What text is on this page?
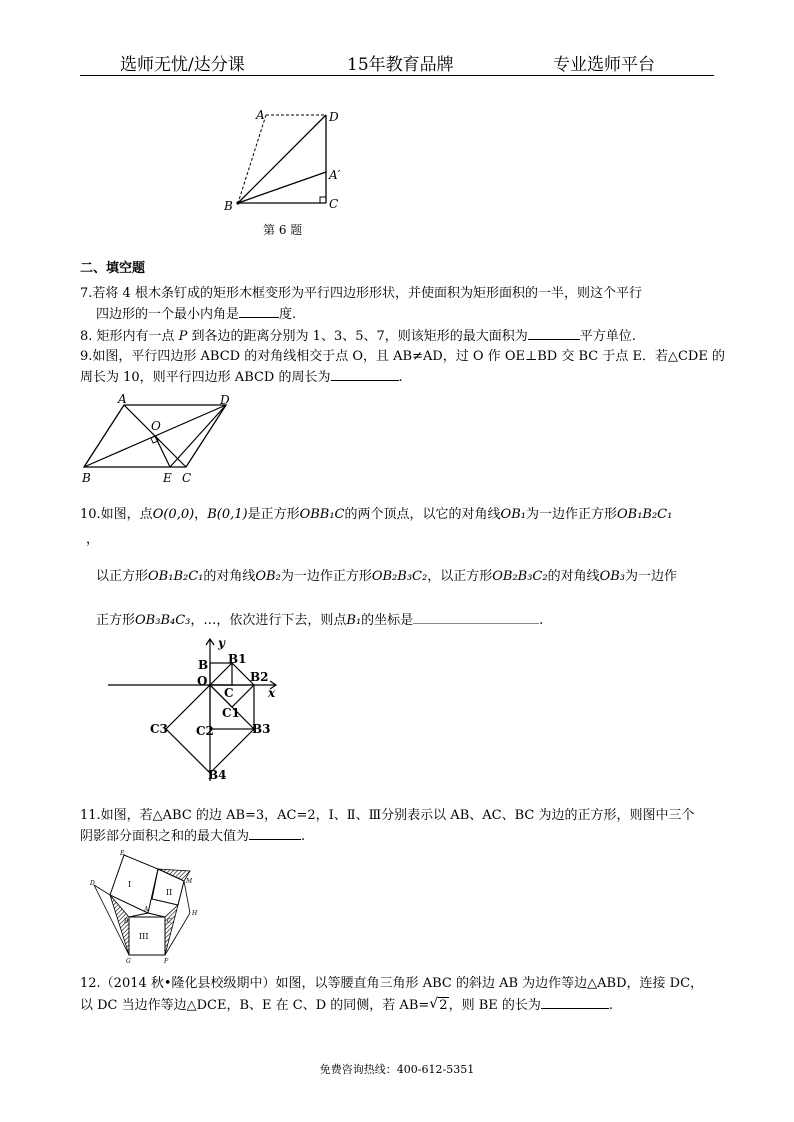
选师无忧/达分课	15年教育品牌	专业选师平台
A	D
A′
B	C
第 6 题
二、填空题
7.若将 4 根木条钉成的矩形木框变形为平行四边形形状，并使面积为矩形面积的一半，则这个平行
四边形的一个最小内角是	度.
8. 矩形内有一点 P 到各边的距离分别为 1、3、5、7，则该矩形的最大面积为	平方单位.
9.如图，平行四边形 ABCD 的对角线相交于点 O，且 AB≠AD，过 O 作 OE⊥BD 交 BC 于点 E．若△CDE 的
周长为 10，则平行四边形 ABCD 的周长为	.
A	D
O
B	E C
10.如图，点O(0,0)，B(0,1)是正方形OBB₁C的两个顶点，以它的对角线OB₁为一边作正方形OB₁B₂C₁
，
以正方形OB₁B₂C₁的对角线OB₂为一边作正方形OB₂B₃C₂，以正方形OB₂B₃C₂的对角线OB₃为一边作
正方形OB₃B₄C₃，…，依次进行下去，则点B₁的坐标是	.
y
x
B B1
B2
O
C
C1
C2
C3	B3
B4
11.如图，若△ABC 的边 AB=3，AC=2，Ⅰ、Ⅱ、Ⅲ分别表示以 AB、AC、BC 为边的正方形，则图中三个
阴影部分面积之和的最大值为	.
E
D	M
H
A
B	C
G	F
I
II
III
12.（2014 秋•隆化县校级期中）如图，以等腰直角三角形 ABC 的斜边 AB 为边作等边△ABD，连接 DC，
以 DC 当边作等边△DCE，B、E 在 C、D 的同侧，若 AB= √ 2，则 BE 的长为	.
免费咨询热线：400-612-5351
